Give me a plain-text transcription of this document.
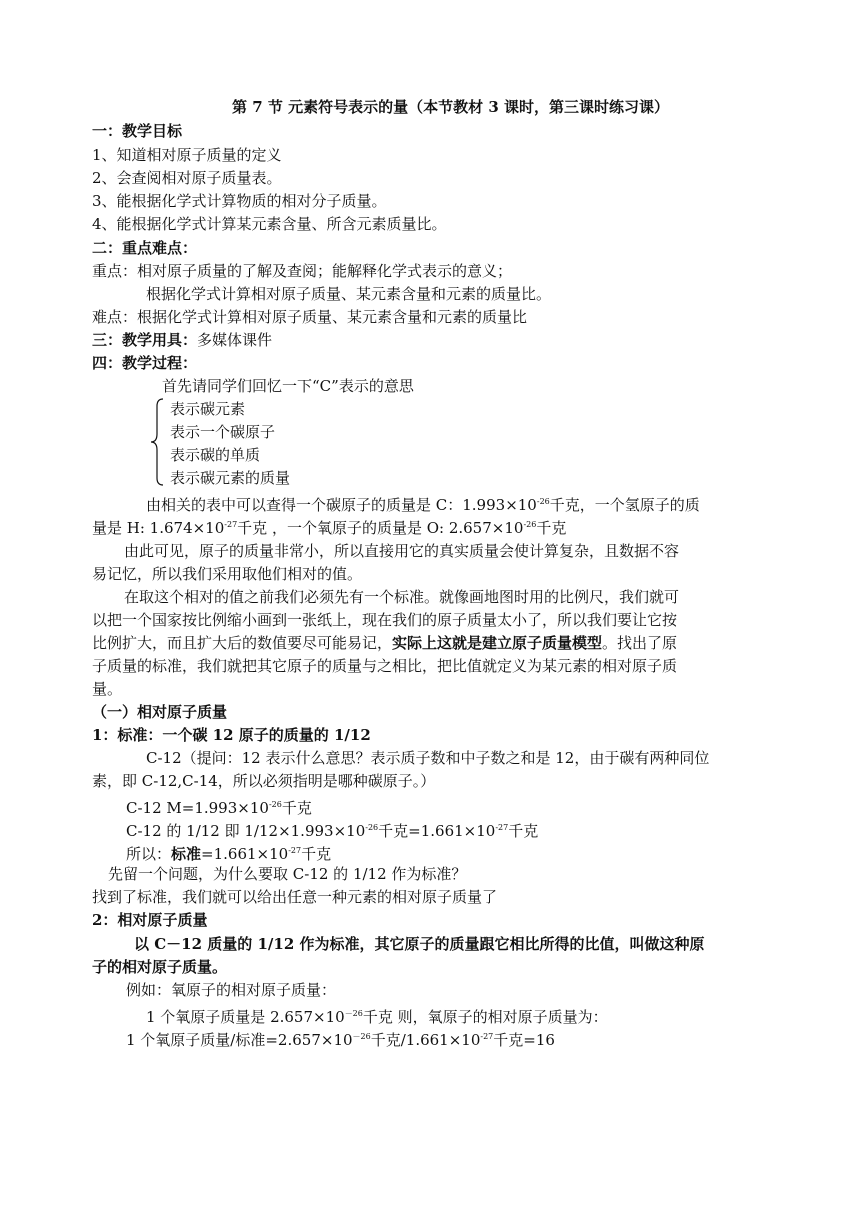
第 7 节 元素符号表示的量（本节教材 3 课时，第三课时练习课）
一：教学目标
1、知道相对原子质量的定义
2、会查阅相对原子质量表。
3、能根据化学式计算物质的相对分子质量。
4、能根据化学式计算某元素含量、所含元素质量比。
二：重点难点：
重点：相对原子质量的了解及查阅；能解释化学式表示的意义；
根据化学式计算相对原子质量、某元素含量和元素的质量比。
难点：根据化学式计算相对原子质量、某元素含量和元素的质量比
三：教学用具：多媒体课件
四：教学过程：
首先请同学们回忆一下“C”表示的意思
表示碳元素
表示一个碳原子
表示碳的单质
表示碳元素的质量
由相关的表中可以查得一个碳原子的质量是 C：$1.993\times 10^{-26}$千克，一个氢原子的质
量是 H: $1.674\times 10^{-27}$千克 ，一个氧原子的质量是 O: $2.657\times 10^{-26}$千克
由此可见，原子的质量非常小，所以直接用它的真实质量会使计算复杂，且数据不容
易记忆，所以我们采用取他们相对的值。
在取这个相对的值之前我们必须先有一个标准。就像画地图时用的比例尺，我们就可
以把一个国家按比例缩小画到一张纸上，现在我们的原子质量太小了，所以我们要让它按
比例扩大，而且扩大后的数值要尽可能易记，实际上这就是建立原子质量模型。找出了原
子质量的标准，我们就把其它原子的质量与之相比，把比值就定义为某元素的相对原子质
量。
（一）相对原子质量
1：标准：一个碳 12 原子的质量的 1/12
C-12（提问：12 表示什么意思？表示质子数和中子数之和是 12，由于碳有两种同位
素，即 C-12,C-14，所以必须指明是哪种碳原子。）
C-12 $M=1.993\times 10^{-26}$千克
C-12 的 1/12 即 $1/12\times 1.993\times 10^{-26}$千克$=1.661\times 10^{-27}$千克
所以：标准$=1.661\times 10^{-27}$千克
先留一个问题，为什么要取 C-12 的 1/12 作为标准？
找到了标准，我们就可以给出任意一种元素的相对原子质量了
2：相对原子质量
以 C－12 质量的 1/12 作为标准，其它原子的质量跟它相比所得的比值，叫做这种原
子的相对原子质量。
例如：氧原子的相对原子质量：
1 个氧原子质量是 $2.657\times 10^{-26}$千克 则，氧原子的相对原子质量为：
1 个氧原子质量/标准$=2.657\times 10^{-26}$千克$/1.661\times 10^{-27}$千克=16
